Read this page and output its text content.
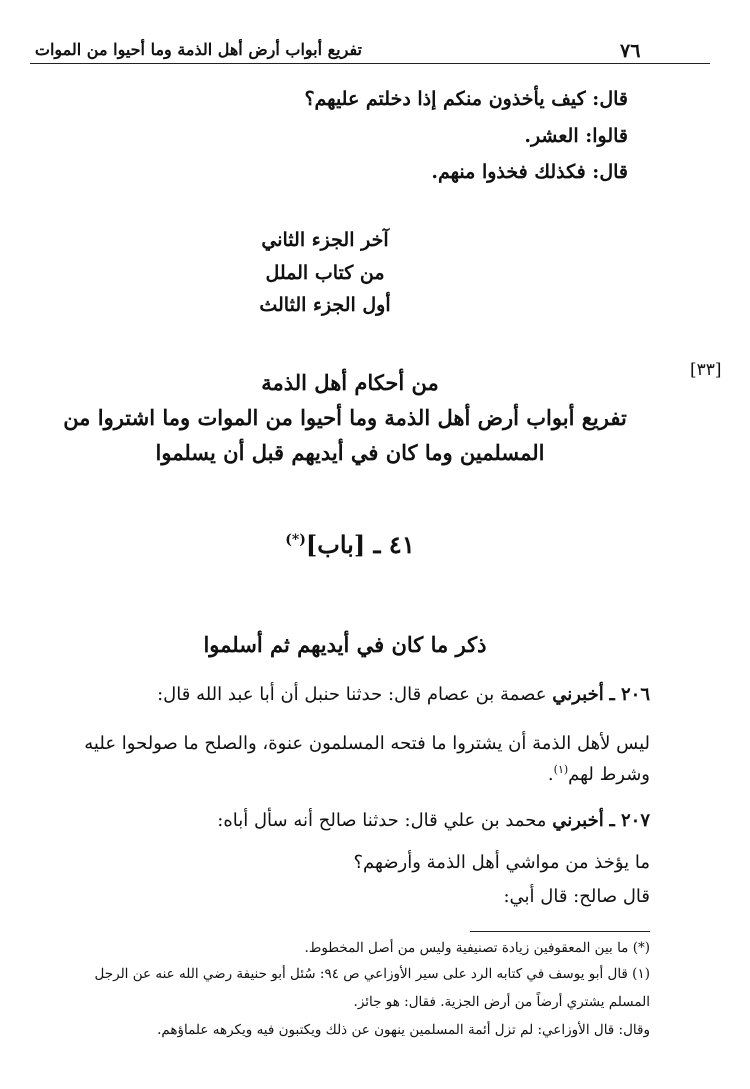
٧٦
تفريع أبواب أرض أهل الذمة وما أحيوا من الموات
قال: كيف يأخذون منكم إذا دخلتم عليهم؟
قالوا: العشر.
قال: فكذلك فخذوا منهم.
آخر الجزء الثاني
من كتاب الملل
أول الجزء الثالث
[٣٣]
من أحكام أهل الذمة
تفريع أبواب أرض أهل الذمة وما أحيوا من الموات وما اشتروا من
المسلمين وما كان في أيديهم قبل أن يسلموا
٤١ ـ [باب](*)
ذكر ما كان في أيديهم ثم أسلموا
٢٠٦ ـ أخبرني عصمة بن عصام قال: حدثنا حنبل أن أبا عبد الله قال:
ليس لأهل الذمة أن يشتروا ما فتحه المسلمون عنوة، والصلح ما صولحوا عليه
وشرط لهم$^{(١)}$.
٢٠٧ ـ أخبرني محمد بن علي قال: حدثنا صالح أنه سأل أباه:
ما يؤخذ من مواشي أهل الذمة وأرضهم؟
قال صالح: قال أبي:
(*) ما بين المعقوفين زيادة تصنيفية وليس من أصل المخطوط.
(١) قال أبو يوسف في كتابه الرد على سير الأوزاعي ص ٩٤: سُئل أبو حنيفة رضي الله عنه عن الرجل
المسلم يشتري أرضاً من أرض الجزية. فقال: هو جائز.
وقال: قال الأوزاعي: لم تزل أئمة المسلمين ينهون عن ذلك ويكتبون فيه ويكرهه علماؤهم.
